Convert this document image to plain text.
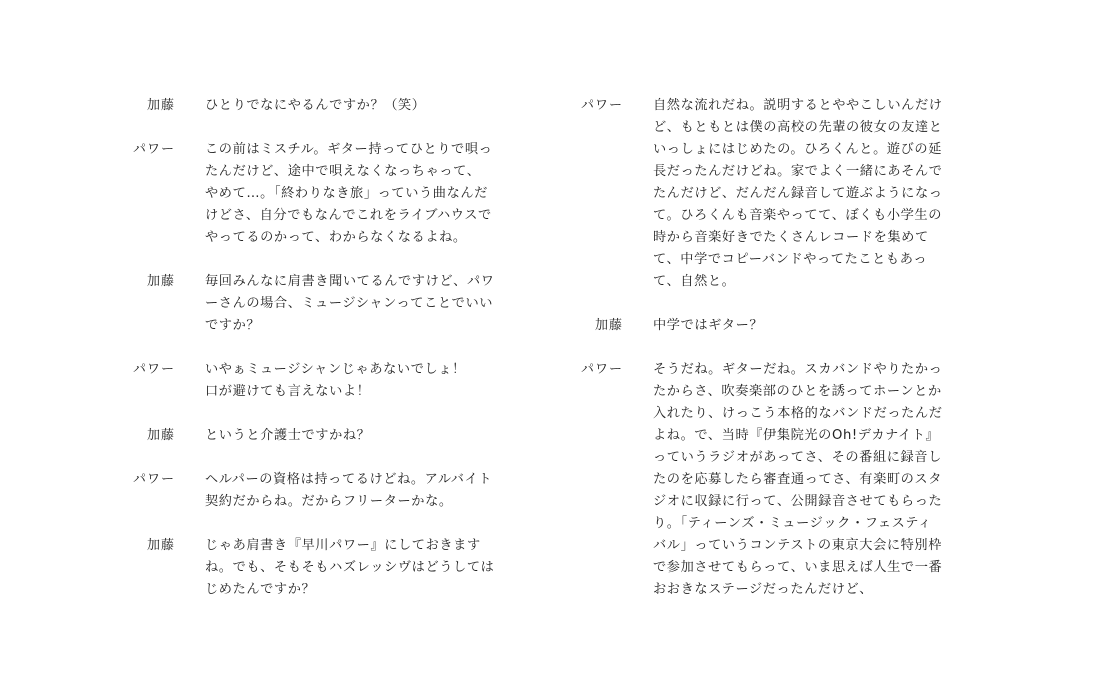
加藤 ひとりでなにやるんですか？（笑）
パワー この前はミスチル。ギター持ってひとりで唄っ
たんだけど、途中で唄えなくなっちゃって、
やめて…。「終わりなき旅」っていう曲なんだ
けどさ、自分でもなんでこれをライブハウスで
やってるのかって、わからなくなるよね。
加藤 毎回みんなに肩書き聞いてるんですけど、パワ
ーさんの場合、ミュージシャンってことでいい
ですか？
パワー いやぁミュージシャンじゃあないでしょ！
口が避けても言えないよ！
加藤 というと介護士ですかね？
パワー ヘルパーの資格は持ってるけどね。アルバイト
契約だからね。だからフリーターかな。
加藤 じゃあ肩書き『早川パワー』にしておきます
ね。でも、そもそもハズレッシヴはどうしては
じめたんですか？
パワー 自然な流れだね。説明するとややこしいんだけ
ど、もともとは僕の高校の先輩の彼女の友達と
いっしょにはじめたの。ひろくんと。遊びの延
長だったんだけどね。家でよく一緒にあそんで
たんだけど、だんだん録音して遊ぶようになっ
て。ひろくんも音楽やってて、ぼくも小学生の
時から音楽好きでたくさんレコードを集めて
て、中学でコピーバンドやってたこともあっ
て、自然と。
加藤 中学ではギター？
パワー そうだね。ギターだね。スカバンドやりたかっ
たからさ、吹奏楽部のひとを誘ってホーンとか
入れたり、けっこう本格的なバンドだったんだ
よね。で、当時『伊集院光のOh!デカナイト』
っていうラジオがあってさ、その番組に録音し
たのを応募したら審査通ってさ、有楽町のスタ
ジオに収録に行って、公開録音させてもらった
り。「ティーンズ・ミュージック・フェスティ
バル」っていうコンテストの東京大会に特別枠
で参加させてもらって、いま思えば人生で一番
おおきなステージだったんだけど、
